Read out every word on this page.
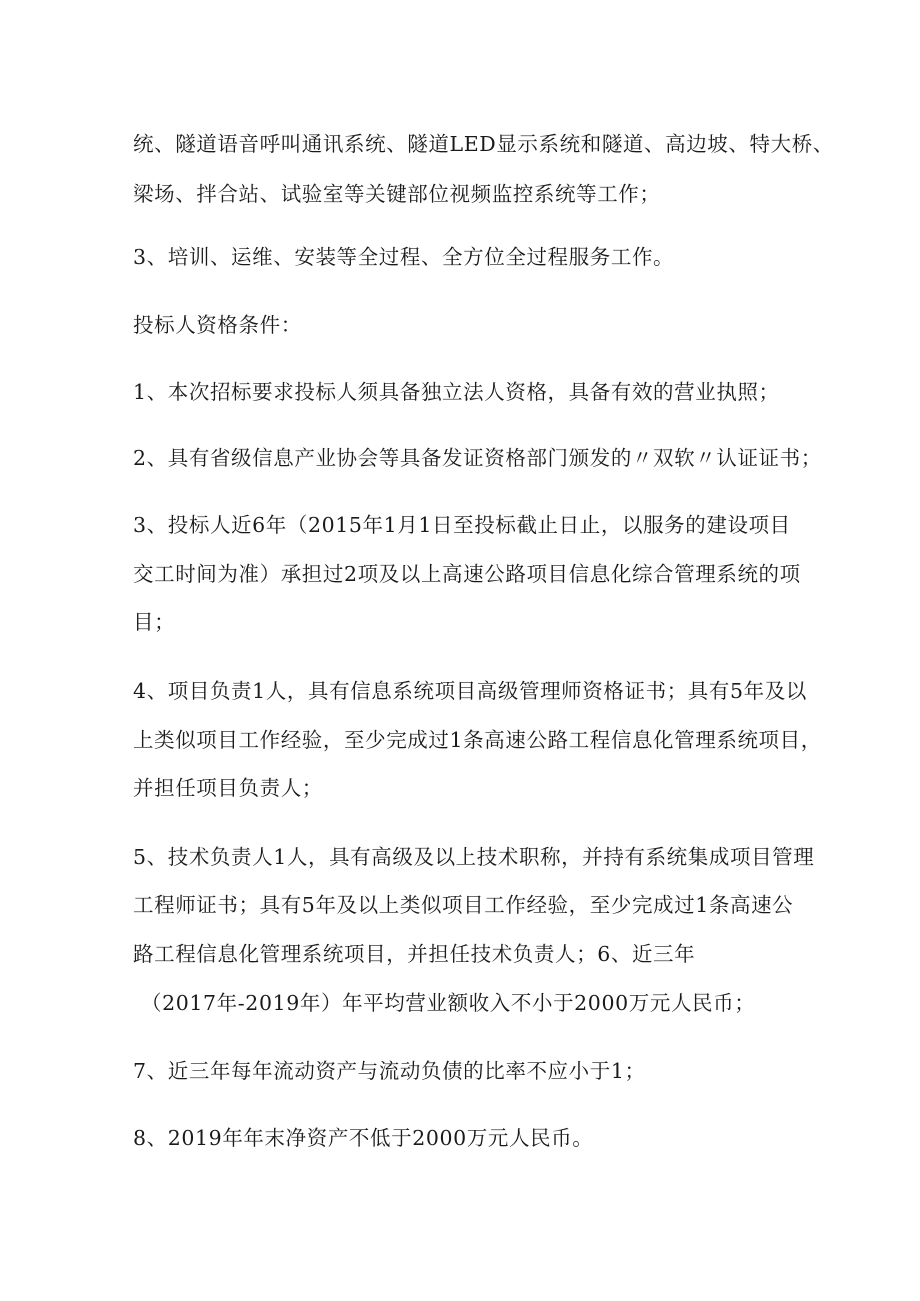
统、隧道语音呼叫通讯系统、隧道LED显示系统和隧道、高边坡、特大桥、
梁场、拌合站、试验室等关键部位视频监控系统等工作；
3、培训、运维、安装等全过程、全方位全过程服务工作。
投标人资格条件：
1、本次招标要求投标人须具备独立法人资格，具备有效的营业执照；
2、具有省级信息产业协会等具备发证资格部门颁发的〃双软〃认证证书；
3、投标人近6年（2015年1月1日至投标截止日止，以服务的建设项目
交工时间为准）承担过2项及以上高速公路项目信息化综合管理系统的项
目；
4、项目负责1人，具有信息系统项目高级管理师资格证书；具有5年及以
上类似项目工作经验，至少完成过1条高速公路工程信息化管理系统项目，
并担任项目负责人；
5、技术负责人1人，具有高级及以上技术职称，并持有系统集成项目管理
工程师证书；具有5年及以上类似项目工作经验，至少完成过1条高速公
路工程信息化管理系统项目，并担任技术负责人；6、近三年
（2017年-2019年）年平均营业额收入不小于2000万元人民币；
7、近三年每年流动资产与流动负债的比率不应小于1；
8、2019年年末净资产不低于2000万元人民币。
